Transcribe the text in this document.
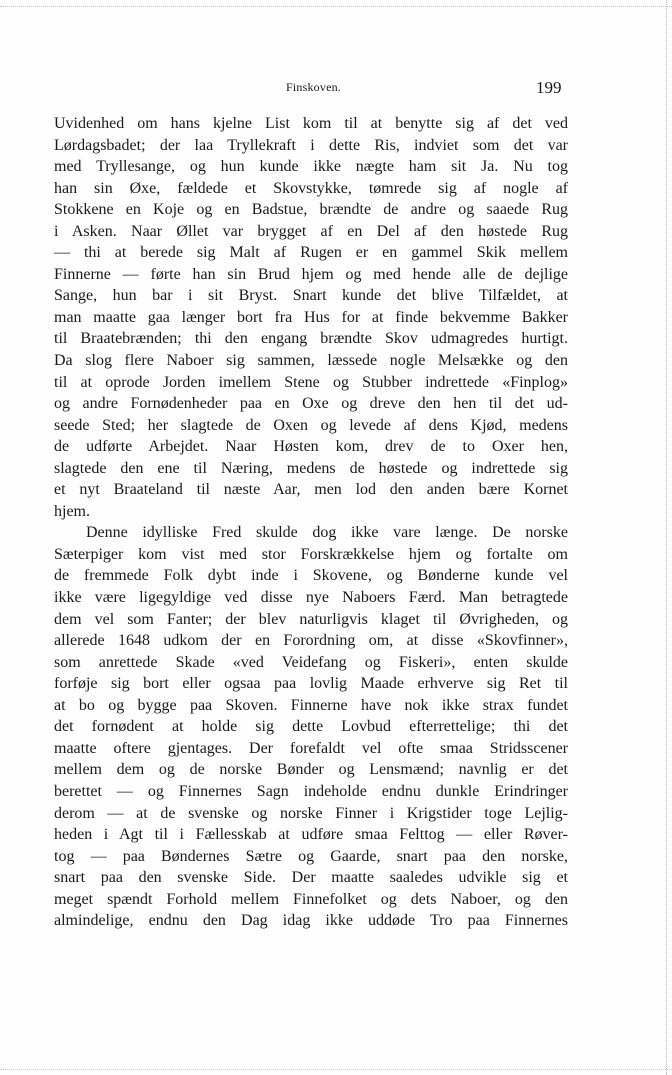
Finskoven.	199
Uvidenhed om hans kjelne List kom til at benytte sig af det ved
Lørdagsbadet; der laa Tryllekraft i dette Ris, indviet som det var
med Tryllesange, og hun kunde ikke nægte ham sit Ja. Nu tog
han sin Øxe, fældede et Skovstykke, tømrede sig af nogle af
Stokkene en Koje og en Badstue, brændte de andre og saaede Rug
i Asken. Naar Øllet var brygget af en Del af den høstede Rug
— thi at berede sig Malt af Rugen er en gammel Skik mellem
Finnerne — førte han sin Brud hjem og med hende alle de dejlige
Sange, hun bar i sit Bryst. Snart kunde det blive Tilfældet, at
man maatte gaa længer bort fra Hus for at finde bekvemme Bakker
til Braatebrænden; thi den engang brændte Skov udmagredes hurtigt.
Da slog flere Naboer sig sammen, læssede nogle Melsække og den
til at oprode Jorden imellem Stene og Stubber indrettede «Finplog»
og andre Fornødenheder paa en Oxe og dreve den hen til det ud-
seede Sted; her slagtede de Oxen og levede af dens Kjød, medens
de udførte Arbejdet. Naar Høsten kom, drev de to Oxer hen,
slagtede den ene til Næring, medens de høstede og indrettede sig
et nyt Braateland til næste Aar, men lod den anden bære Kornet
hjem.
Denne idylliske Fred skulde dog ikke vare længe. De norske
Sæterpiger kom vist med stor Forskrækkelse hjem og fortalte om
de fremmede Folk dybt inde i Skovene, og Bønderne kunde vel
ikke være ligegyldige ved disse nye Naboers Færd. Man betragtede
dem vel som Fanter; der blev naturligvis klaget til Øvrigheden, og
allerede 1648 udkom der en Forordning om, at disse «Skovfinner»,
som anrettede Skade «ved Veidefang og Fiskeri», enten skulde
forføje sig bort eller ogsaa paa lovlig Maade erhverve sig Ret til
at bo og bygge paa Skoven. Finnerne have nok ikke strax fundet
det fornødent at holde sig dette Lovbud efterrettelige; thi det
maatte oftere gjentages. Der forefaldt vel ofte smaa Stridsscener
mellem dem og de norske Bønder og Lensmænd; navnlig er det
berettet — og Finnernes Sagn indeholde endnu dunkle Erindringer
derom — at de svenske og norske Finner i Krigstider toge Lejlig-
heden i Agt til i Fællesskab at udføre smaa Felttog — eller Røver-
tog — paa Bøndernes Sætre og Gaarde, snart paa den norske,
snart paa den svenske Side. Der maatte saaledes udvikle sig et
meget spændt Forhold mellem Finnefolket og dets Naboer, og den
almindelige, endnu den Dag idag ikke uddøde Tro paa Finnernes
